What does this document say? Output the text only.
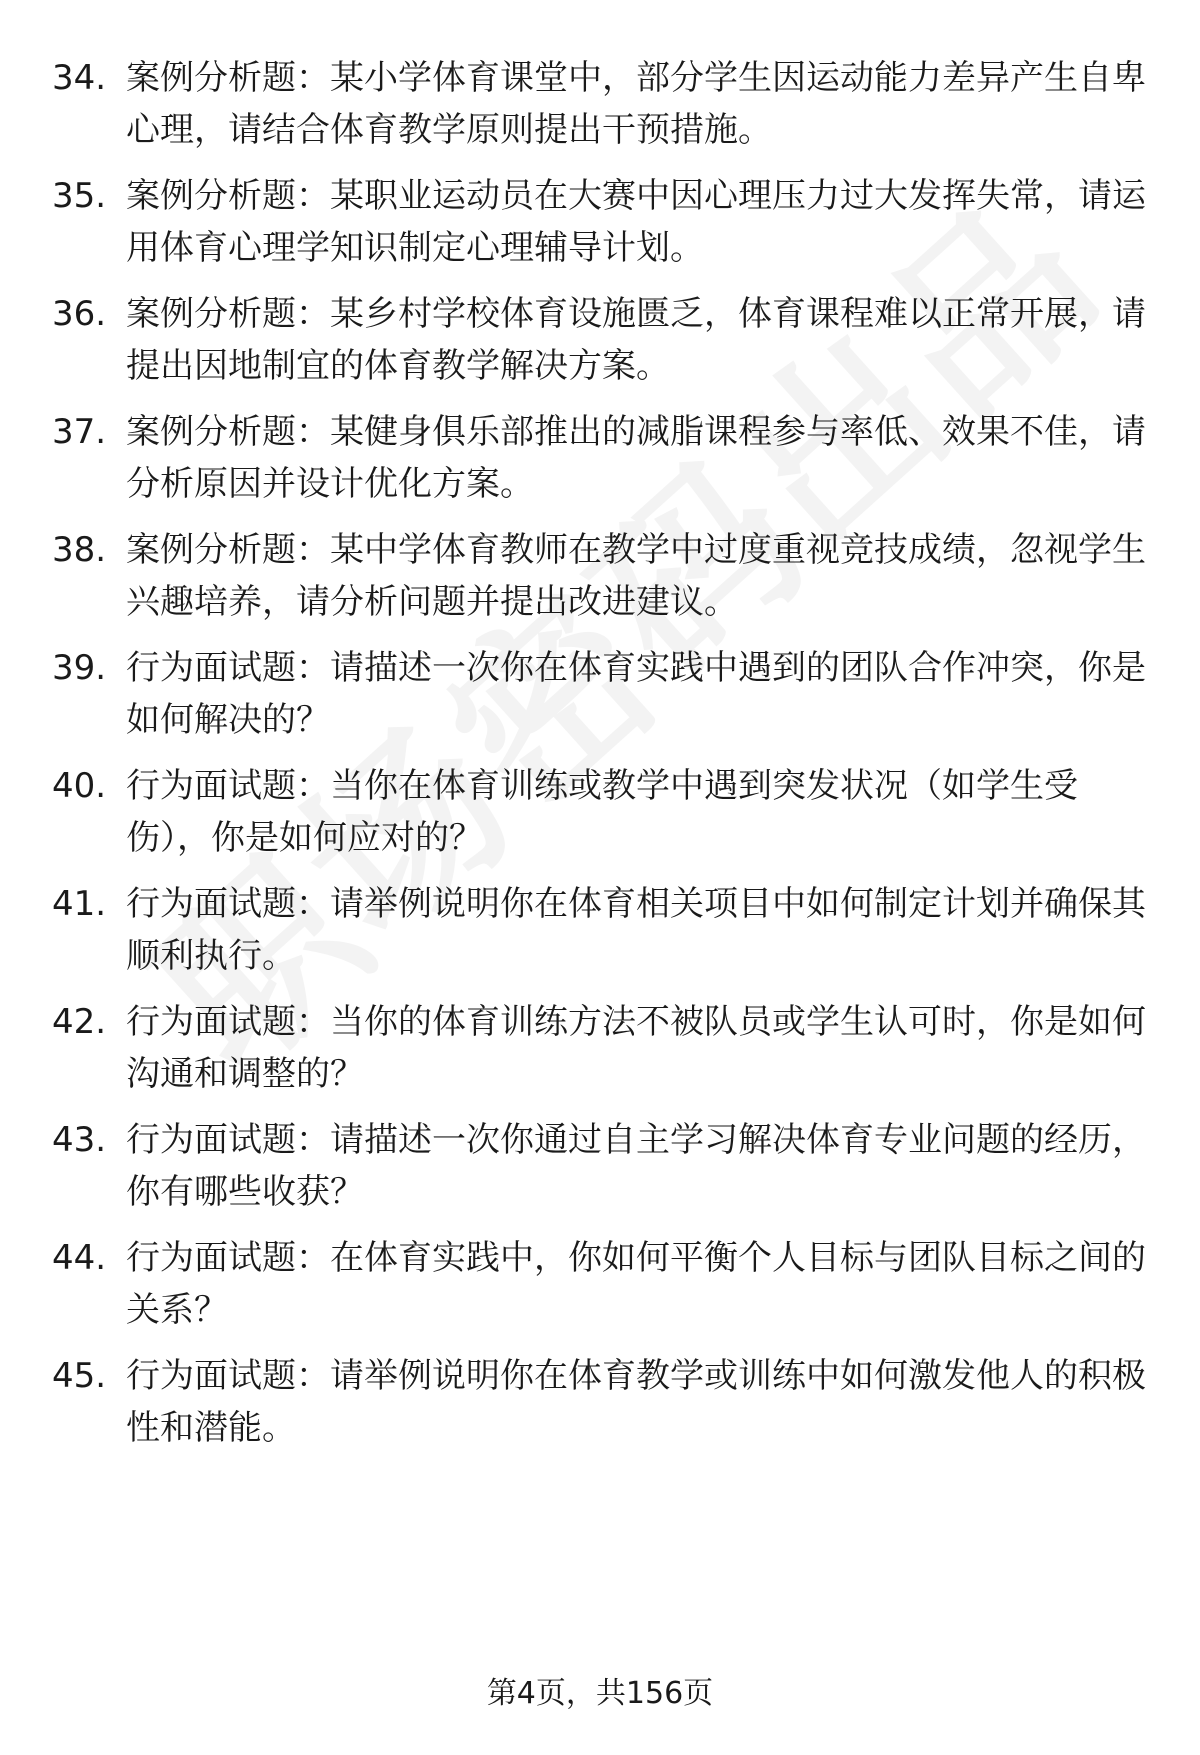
34. 案例分析题：某小学体育课堂中，部分学生因运动能力差异产生自卑心理，请结合体育教学原则提出干预措施。
35. 案例分析题：某职业运动员在大赛中因心理压力过大发挥失常，请运用体育心理学知识制定心理辅导计划。
36. 案例分析题：某乡村学校体育设施匮乏，体育课程难以正常开展，请提出因地制宜的体育教学解决方案。
37. 案例分析题：某健身俱乐部推出的减脂课程参与率低、效果不佳，请分析原因并设计优化方案。
38. 案例分析题：某中学体育教师在教学中过度重视竞技成绩，忽视学生兴趣培养，请分析问题并提出改进建议。
39. 行为面试题：请描述一次你在体育实践中遇到的团队合作冲突，你是如何解决的？
40. 行为面试题：当你在体育训练或教学中遇到突发状况（如学生受伤），你是如何应对的？
41. 行为面试题：请举例说明你在体育相关项目中如何制定计划并确保其顺利执行。
42. 行为面试题：当你的体育训练方法不被队员或学生认可时，你是如何沟通和调整的？
43. 行为面试题：请描述一次你通过自主学习解决体育专业问题的经历，你有哪些收获？
44. 行为面试题：在体育实践中，你如何平衡个人目标与团队目标之间的关系？
45. 行为面试题：请举例说明你在体育教学或训练中如何激发他人的积极性和潜能。
第4页，共156页
